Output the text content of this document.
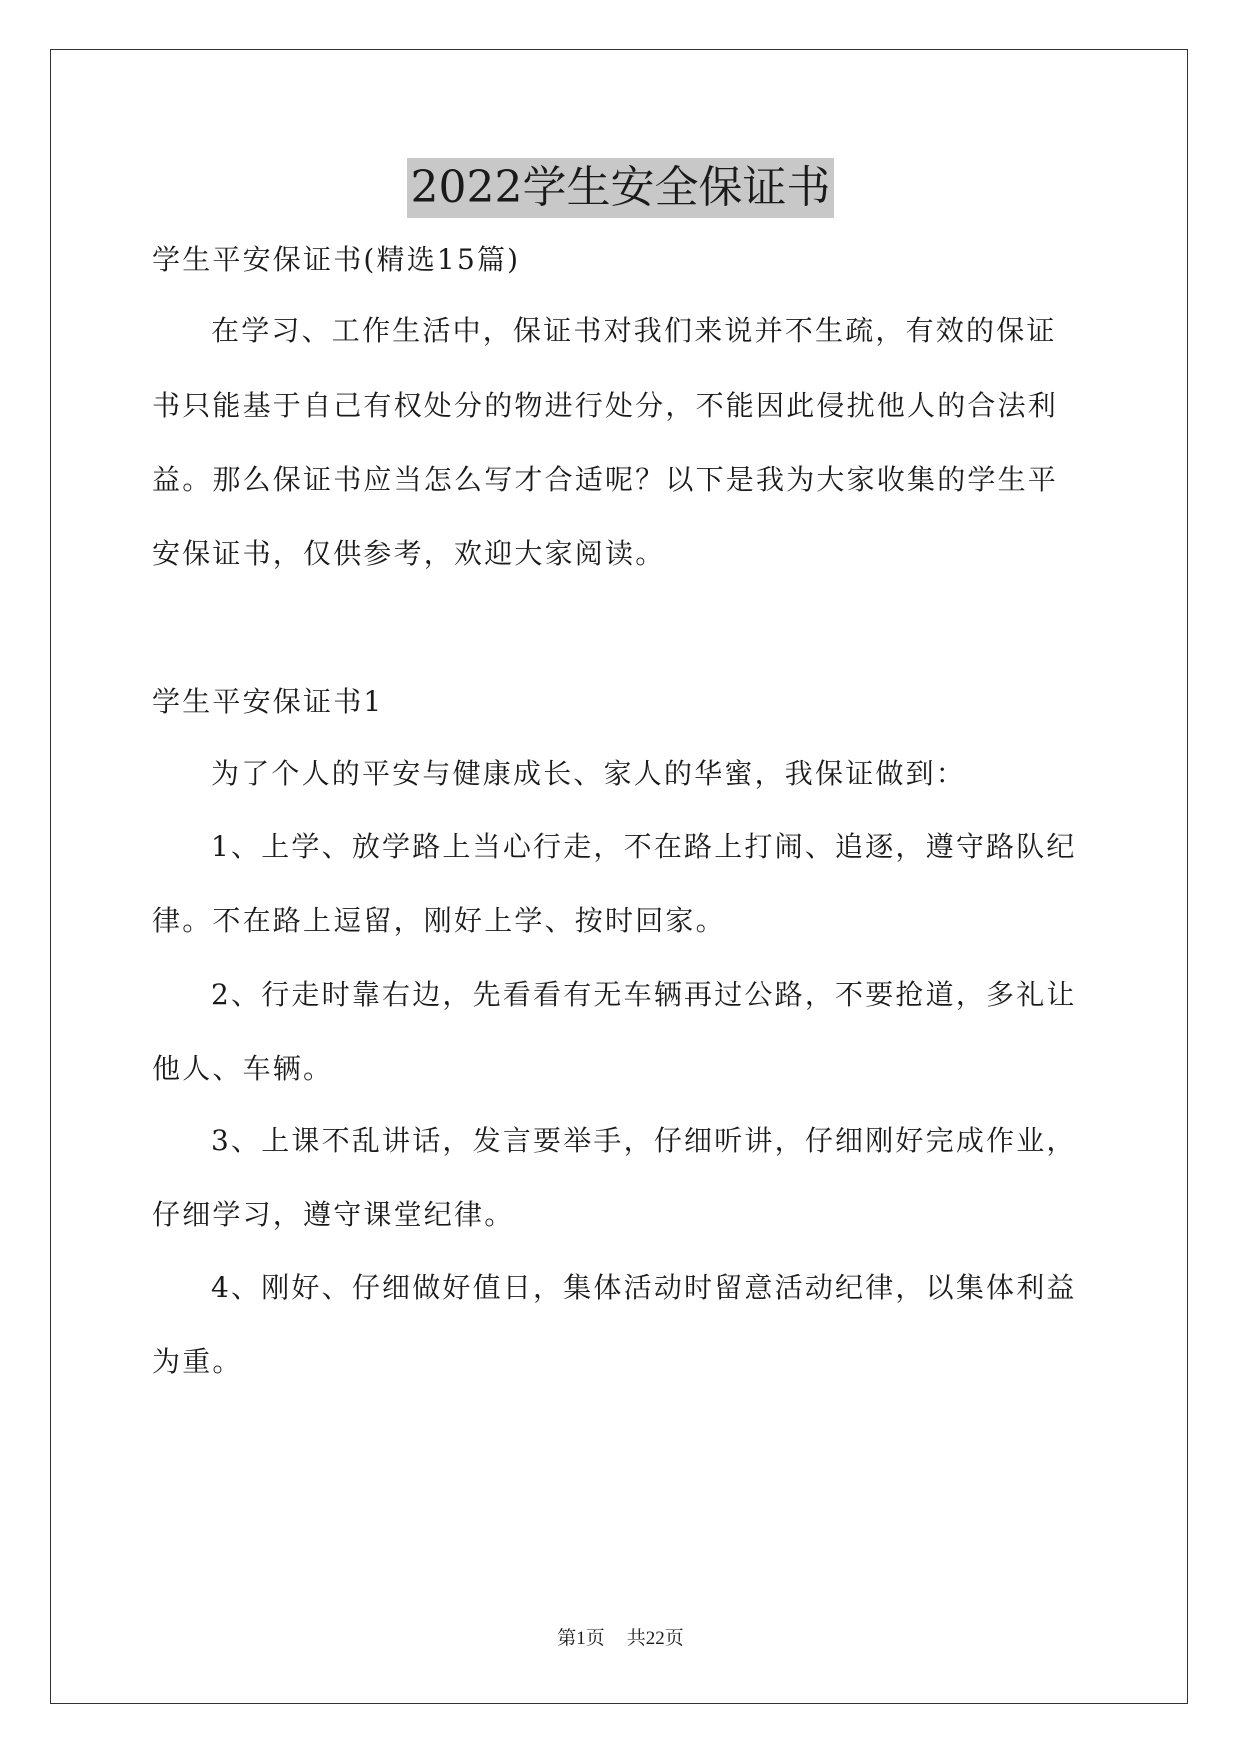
2022学生安全保证书
学生平安保证书(精选15篇)
在学习、工作生活中，保证书对我们来说并不生疏，有效的保证
书只能基于自己有权处分的物进行处分，不能因此侵扰他人的合法利
益。那么保证书应当怎么写才合适呢？以下是我为大家收集的学生平
安保证书，仅供参考，欢迎大家阅读。
学生平安保证书1
为了个人的平安与健康成长、家人的华蜜，我保证做到：
1、上学、放学路上当心行走，不在路上打闹、追逐，遵守路队纪
律。不在路上逗留，刚好上学、按时回家。
2、行走时靠右边，先看看有无车辆再过公路，不要抢道，多礼让
他人、车辆。
3、上课不乱讲话，发言要举手，仔细听讲，仔细刚好完成作业，
仔细学习，遵守课堂纪律。
4、刚好、仔细做好值日，集体活动时留意活动纪律，以集体利益
为重。
第1页 共22页
